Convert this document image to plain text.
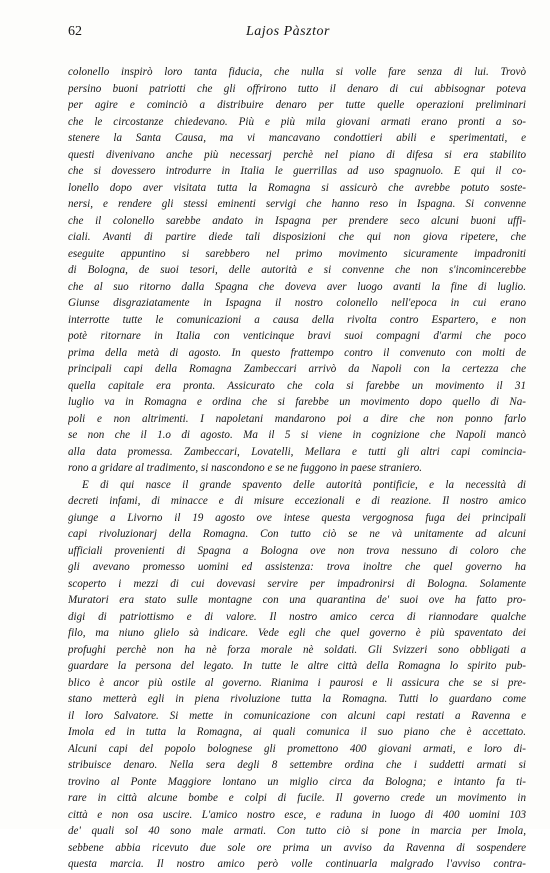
62	Lajos Pàsztor
colonello inspirò loro tanta fiducia, che nulla si volle fare senza di lui. Trovò
persino buoni patriotti che gli offrirono tutto il denaro di cui abbisognar poteva
per agire e cominciò a distribuire denaro per tutte quelle operazioni preliminari
che le circostanze chiedevano. Più e più mila giovani armati erano pronti a so-
stenere la Santa Causa, ma vi mancavano condottieri abili e sperimentati, e
questi divenivano anche più necessarj perchè nel piano di difesa si era stabilito
che si dovessero introdurre in Italia le guerrillas ad uso spagnuolo. E qui il co-
lonello dopo aver visitata tutta la Romagna si assicurò che avrebbe potuto soste-
nersi, e rendere gli stessi eminenti servigi che hanno reso in Ispagna. Si convenne
che il colonello sarebbe andato in Ispagna per prendere seco alcuni buoni uffi-
ciali. Avanti di partire diede tali disposizioni che qui non giova ripetere, che
eseguite appuntino si sarebbero nel primo movimento sicuramente impadroniti
di Bologna, de suoi tesori, delle autorità e si convenne che non s'incomincerebbe
che al suo ritorno dalla Spagna che doveva aver luogo avanti la fine di luglio.
Giunse disgraziatamente in Ispagna il nostro colonello nell'epoca in cui erano
interrotte tutte le comunicazioni a causa della rivolta contro Espartero, e non
potè ritornare in Italia con venticinque bravi suoi compagni d'armi che poco
prima della metà di agosto. In questo frattempo contro il convenuto con molti de
principali capi della Romagna Zambeccari arrivò da Napoli con la certezza che
quella capitale era pronta. Assicurato che cola si farebbe un movimento il 31
luglio va in Romagna e ordina che si farebbe un movimento dopo quello di Na-
poli e non altrimenti. I napoletani mandarono poi a dire che non ponno farlo
se non che il 1.o di agosto. Ma il 5 si viene in cognizione che Napoli mancò
alla data promessa. Zambeccari, Lovatelli, Mellara e tutti gli altri capi comincia-
rono a gridare al tradimento, si nascondono e se ne fuggono in paese straniero.
E di qui nasce il grande spavento delle autorità pontificie, e la necessità di
decreti infami, di minacce e di misure eccezionali e di reazione. Il nostro amico
giunge a Livorno il 19 agosto ove intese questa vergognosa fuga dei principali
capi rivoluzionarj della Romagna. Con tutto ciò se ne và unitamente ad alcuni
ufficiali provenienti di Spagna a Bologna ove non trova nessuno di coloro che
gli avevano promesso uomini ed assistenza: trova inoltre che quel governo ha
scoperto i mezzi di cui dovevasi servire per impadronirsi di Bologna. Solamente
Muratori era stato sulle montagne con una quarantina de' suoi ove ha fatto pro-
digi di patriottismo e di valore. Il nostro amico cerca di riannodare qualche
filo, ma niuno glielo sà indicare. Vede egli che quel governo è più spaventato dei
profughi perchè non ha nè forza morale nè soldati. Gli Svizzeri sono obbligati a
guardare la persona del legato. In tutte le altre città della Romagna lo spirito pub-
blico è ancor più ostile al governo. Rianima i paurosi e li assicura che se si pre-
stano metterà egli in piena rivoluzione tutta la Romagna. Tutti lo guardano come
il loro Salvatore. Si mette in comunicazione con alcuni capi restati a Ravenna e
Imola ed in tutta la Romagna, ai quali comunica il suo piano che è accettato.
Alcuni capi del popolo bolognese gli promettono 400 giovani armati, e loro di-
stribuisce denaro. Nella sera degli 8 settembre ordina che i suddetti armati si
trovino al Ponte Maggiore lontano un miglio circa da Bologna; e intanto fa ti-
rare in città alcune bombe e colpi di fucile. Il governo crede un movimento in
città e non osa uscire. L'amico nostro esce, e raduna in luogo di 400 uomini 103
de' quali sol 40 sono male armati. Con tutto ciò si pone in marcia per Imola,
sebbene abbia ricevuto due sole ore prima un avviso da Ravenna di sospendere
questa marcia. Il nostro amico però volle continuarla malgrado l'avviso contra-
